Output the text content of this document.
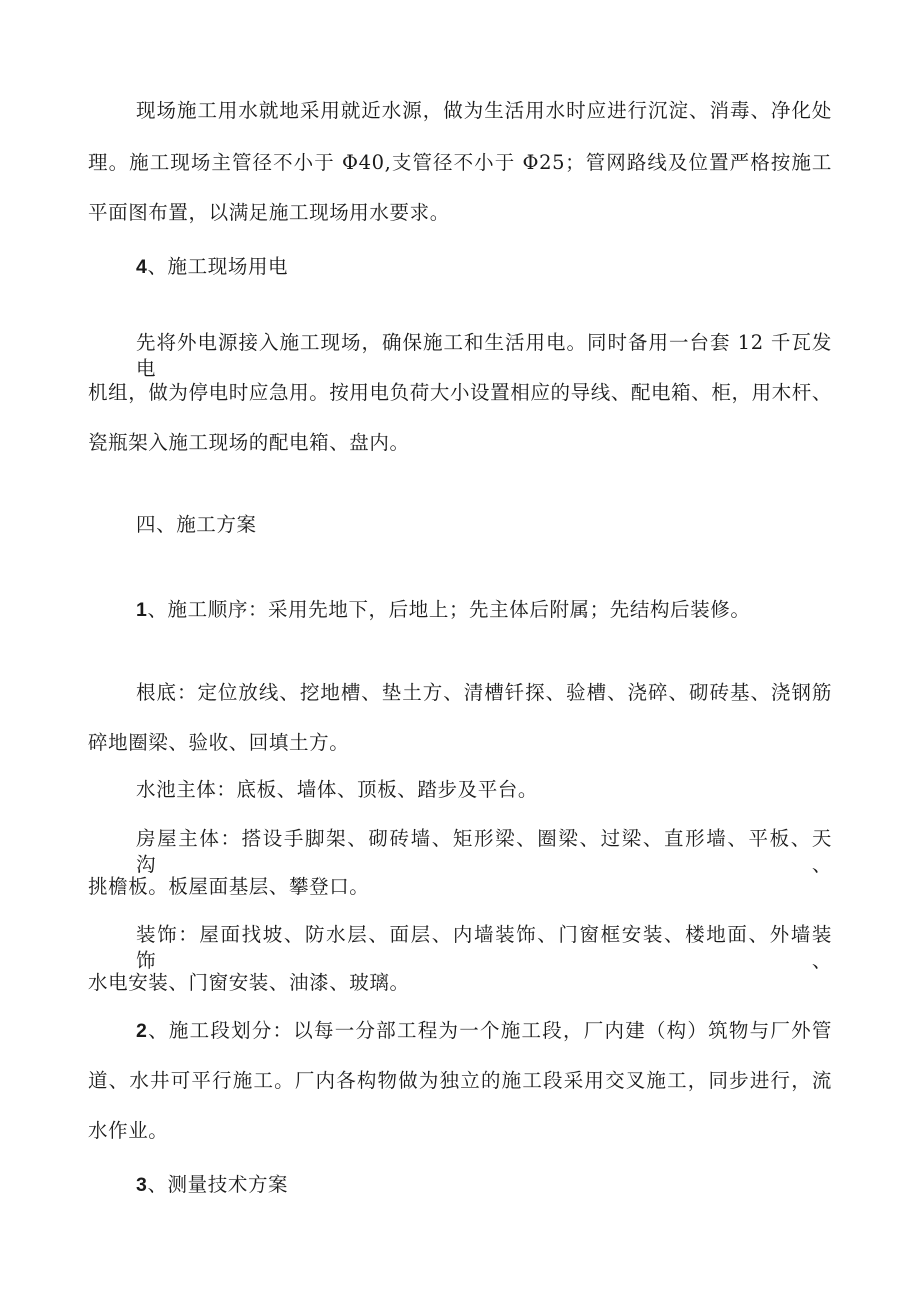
现场施工用水就地采用就近水源，做为生活用水时应进行沉淀、消毒、净化处
理。施工现场主管径不小于 Φ40,支管径不小于 Φ25；管网路线及位置严格按施工
平面图布置，以满足施工现场用水要求。
4、施工现场用电
先将外电源接入施工现场，确保施工和生活用电。同时备用一台套 12 千瓦发电
机组，做为停电时应急用。按用电负荷大小设置相应的导线、配电箱、柜，用木杆、
瓷瓶架入施工现场的配电箱、盘内。
四、施工方案
1、施工顺序：采用先地下，后地上；先主体后附属；先结构后装修。
根底：定位放线、挖地槽、垫土方、清槽钎探、验槽、浇碎、砌砖基、浇钢筋
碎地圈梁、验收、回填土方。
水池主体：底板、墙体、顶板、踏步及平台。
房屋主体：搭设手脚架、砌砖墙、矩形梁、圈梁、过梁、直形墙、平板、天沟、
挑檐板。板屋面基层、攀登口。
装饰：屋面找坡、防水层、面层、内墙装饰、门窗框安装、楼地面、外墙装饰、
水电安装、门窗安装、油漆、玻璃。
2、施工段划分：以每一分部工程为一个施工段，厂内建（构）筑物与厂外管
道、水井可平行施工。厂内各构物做为独立的施工段采用交叉施工，同步进行，流
水作业。
3、测量技术方案
